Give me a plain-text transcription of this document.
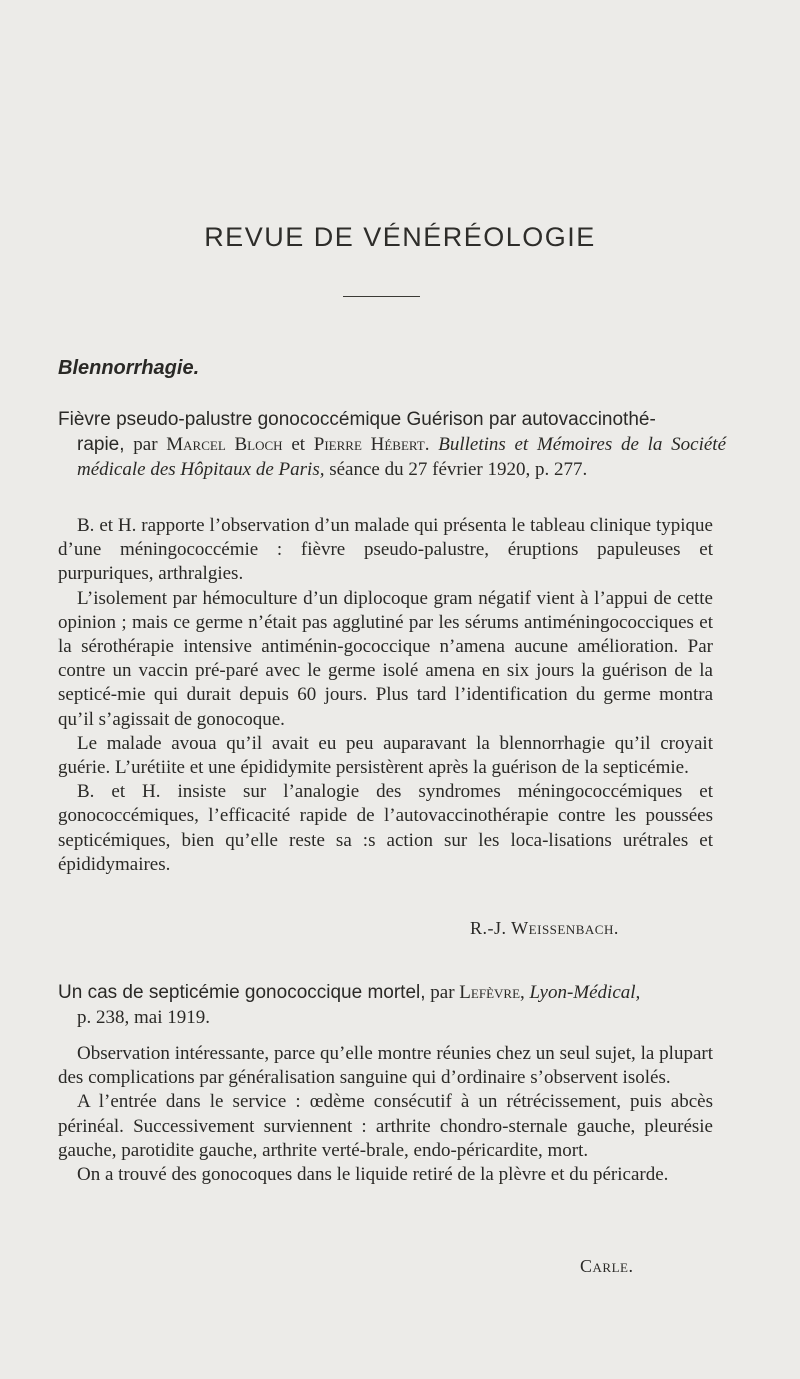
REVUE DE VÉNÉRÉOLOGIE
Blennorrhagie.
Fièvre pseudo-palustre gonococcémique Guérison par autovaccinothé-
rapie, par Marcel Bloch et Pierre Hébert. Bulletins et Mémoires de la Société médicale des Hôpitaux de Paris, séance du 27 février 1920, p. 277.

B. et H. rapporte l’observation d’un malade qui présenta le tableau clinique typique d’une méningococcémie : fièvre pseudo-palustre, éruptions papuleuses et purpuriques, arthralgies.

L’isolement par hémoculture d’un diplocoque gram négatif vient à l’appui de cette opinion ; mais ce germe n’était pas agglutiné par les sérums antiméningococciques et la sérothérapie intensive antiménin-gococcique n’amena aucune amélioration. Par contre un vaccin pré-paré avec le germe isolé amena en six jours la guérison de la septicé-mie qui durait depuis 60 jours. Plus tard l’identification du germe montra qu’il s’agissait de gonocoque.

Le malade avoua qu’il avait eu peu auparavant la blennorrhagie qu’il croyait guérie. L’urétiite et une épididymite persistèrent après la guérison de la septicémie.

B. et H. insiste sur l’analogie des syndromes méningococcémiques et gonococcémiques, l’efficacité rapide de l’autovaccinothérapie contre les poussées septicémiques, bien qu’elle reste sa :s action sur les loca-lisations urétrales et épididymaires.

R.-J. Weissenbach.
Un cas de septicémie gonococcique mortel, par Lefèvre, Lyon-Médical,
p. 238, mai 1919.

Observation intéressante, parce qu’elle montre réunies chez un seul sujet, la plupart des complications par généralisation sanguine qui d’ordinaire s’observent isolés.

A l’entrée dans le service : œdème consécutif à un rétrécissement, puis abcès périnéal. Successivement surviennent : arthrite chondro-sternale gauche, pleurésie gauche, parotidite gauche, arthrite verté-brale, endo-péricardite, mort.

On a trouvé des gonocoques dans le liquide retiré de la plèvre et du péricarde.

Carle.
